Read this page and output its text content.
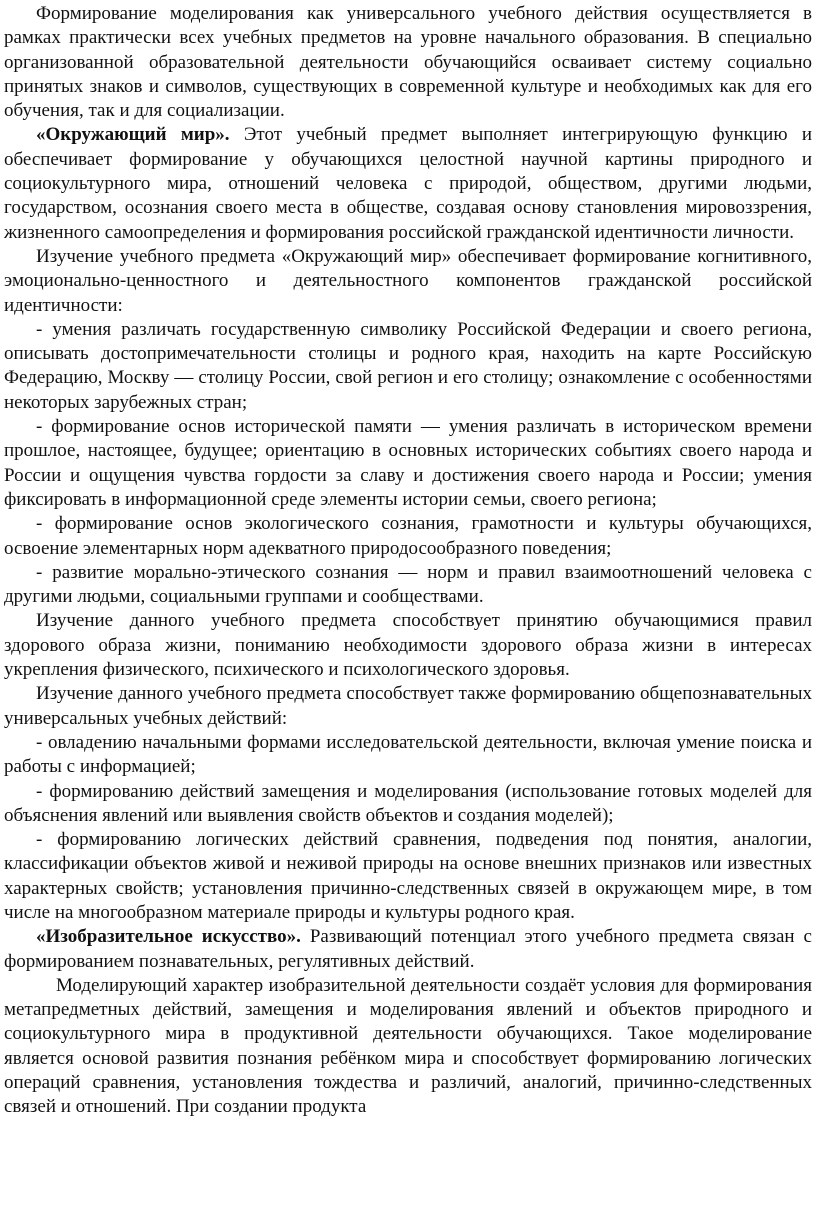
Формирование моделирования как универсального учебного действия осуществляется в рамках практически всех учебных предметов на уровне начального образования. В специально организованной образовательной деятельности обучающийся осваивает систему социально принятых знаков и символов, существующих в современной культуре и необходимых как для его обучения, так и для социализации.

«Окружающий мир». Этот учебный предмет выполняет интегрирующую функцию и обеспечивает формирование у обучающихся целостной научной картины природного и социокультурного мира, отношений человека с природой, обществом, другими людьми, государством, осознания своего места в обществе, создавая основу становления мировоззрения, жизненного самоопределения и формирования российской гражданской идентичности личности.

Изучение учебного предмета «Окружающий мир» обеспечивает формирование когнитивного, эмоционально-ценностного и деятельностного компонентов гражданской российской идентичности:

- умения различать государственную символику Российской Федерации и своего региона, описывать достопримечательности столицы и родного края, находить на карте Российскую Федерацию, Москву — столицу России, свой регион и его столицу; ознакомление с особенностями некоторых зарубежных стран;

- формирование основ исторической памяти — умения различать в историческом времени прошлое, настоящее, будущее; ориентацию в основных исторических событиях своего народа и России и ощущения чувства гордости за славу и достижения своего народа и России; умения фиксировать в информационной среде элементы истории семьи, своего региона;

- формирование основ экологического сознания, грамотности и культуры обучающихся, освоение элементарных норм адекватного природосообразного поведения;

- развитие морально-этического сознания — норм и правил взаимоотношений человека с другими людьми, социальными группами и сообществами.

Изучение данного учебного предмета способствует принятию обучающимися правил здорового образа жизни, пониманию необходимости здорового образа жизни в интересах укрепления физического, психического и психологического здоровья.

Изучение данного учебного предмета способствует также формированию общепознавательных универсальных учебных действий:

- овладению начальными формами исследовательской деятельности, включая умение поиска и работы с информацией;

- формированию действий замещения и моделирования (использование готовых моделей для объяснения явлений или выявления свойств объектов и создания моделей);

- формированию логических действий сравнения, подведения под понятия, аналогии, классификации объектов живой и неживой природы на основе внешних признаков или известных характерных свойств; установления причинно-следственных связей в окружающем мире, в том числе на многообразном материале природы и культуры родного края.

«Изобразительное искусство». Развивающий потенциал этого учебного предмета связан с формированием познавательных, регулятивных действий.

Моделирующий характер изобразительной деятельности создаёт условия для формирования метапредметных действий, замещения и моделирования явлений и объектов природного и социокультурного мира в продуктивной деятельности обучающихся. Такое моделирование является основой развития познания ребёнком мира и способствует формированию логических операций сравнения, установления тождества и различий, аналогий, причинно-следственных связей и отношений. При создании продукта
